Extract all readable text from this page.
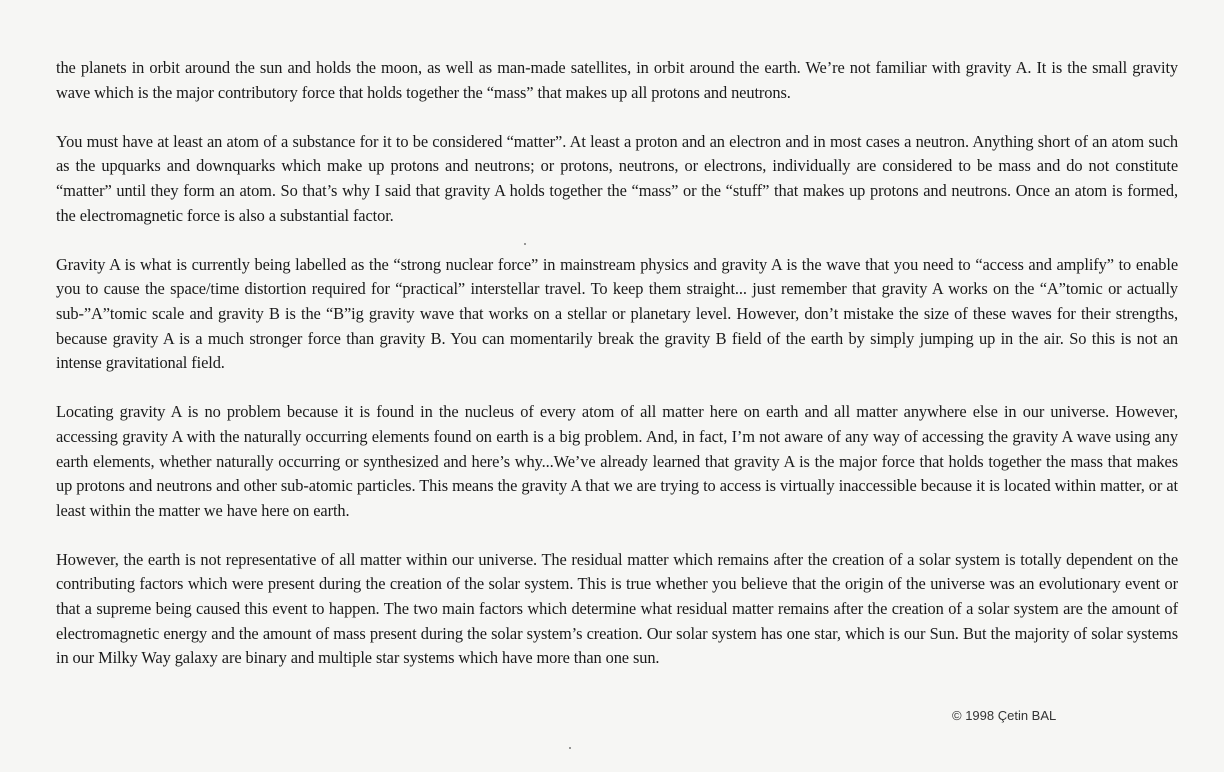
the planets in orbit around the sun and holds the moon, as well as man-made satellites, in orbit around the earth. We’re not familiar with gravity A. It is the small gravity wave which is the major contributory force that holds together the “mass” that makes up all protons and neutrons.

You must have at least an atom of a substance for it to be considered “matter”. At least a proton and an electron and in most cases a neutron. Anything short of an atom such as the upquarks and downquarks which make up protons and neutrons; or protons, neutrons, or electrons, individually are considered to be mass and do not constitute “matter” until they form an atom. So that’s why I said that gravity A holds together the “mass” or the “stuff” that makes up protons and neutrons. Once an atom is formed, the electromagnetic force is also a substantial factor.

Gravity A is what is currently being labelled as the “strong nuclear force” in mainstream physics and gravity A is the wave that you need to “access and amplify” to enable you to cause the space/time distortion required for “practical” interstellar travel. To keep them straight... just remember that gravity A works on the “A”tomic or actually sub-”A”tomic scale and gravity B is the “B”ig gravity wave that works on a stellar or planetary level. However, don’t mistake the size of these waves for their strengths, because gravity A is a much stronger force than gravity B. You can momentarily break the gravity B field of the earth by simply jumping up in the air. So this is not an intense gravitational field.

Locating gravity A is no problem because it is found in the nucleus of every atom of all matter here on earth and all matter anywhere else in our universe. However, accessing gravity A with the naturally occurring elements found on earth is a big problem. And, in fact, I’m not aware of any way of accessing the gravity A wave using any earth elements, whether naturally occurring or synthesized and here’s why...We’ve already learned that gravity A is the major force that holds together the mass that makes up protons and neutrons and other sub-atomic particles. This means the gravity A that we are trying to access is virtually inaccessible because it is located within matter, or at least within the matter we have here on earth.

However, the earth is not representative of all matter within our universe. The residual matter which remains after the creation of a solar system is totally dependent on the contributing factors which were present during the creation of the solar system. This is true whether you believe that the origin of the universe was an evolutionary event or that a supreme being caused this event to happen. The two main factors which determine what residual matter remains after the creation of a solar system are the amount of electromagnetic energy and the amount of mass present during the solar system’s creation. Our solar system has one star, which is our Sun. But the majority of solar systems in our Milky Way galaxy are binary and multiple star systems which have more than one sun.

© 1998 Çetin BAL
